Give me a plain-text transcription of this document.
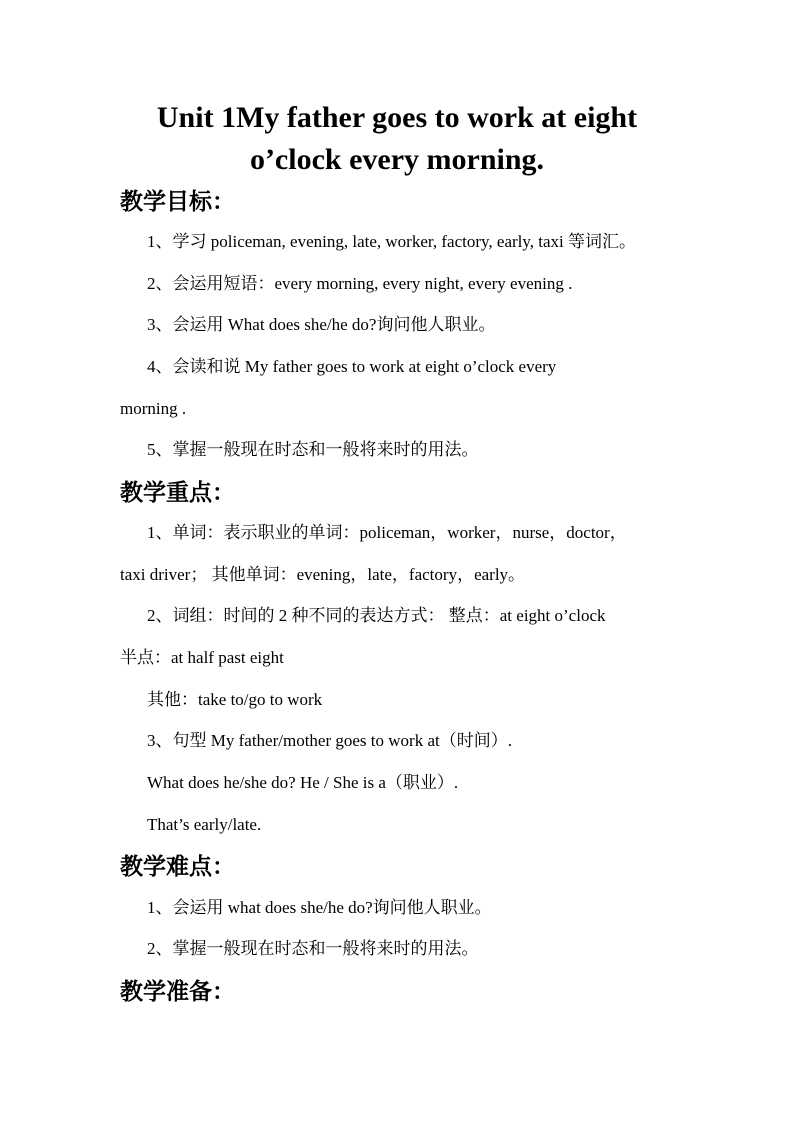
Unit 1My father goes to work at eight
o’clock every morning.
教学目标：
1、学习 policeman, evening, late, worker, factory, early, taxi 等词汇。
2、会运用短语：every morning, every night, every evening .
3、会运用 What does she/he do?询问他人职业。
4、会读和说 My father goes to work at eight o’clock every
morning .
5、掌握一般现在时态和一般将来时的用法。
教学重点：
1、单词：表示职业的单词：policeman，worker，nurse，doctor，
taxi driver； 其他单词：evening，late，factory，early。
2、词组：时间的 2 种不同的表达方式： 整点：at eight o’clock
半点：at half past eight
其他：take to/go to work
3、句型 My father/mother goes to work at（时间）.
What does he/she do? He / She is a（职业）.
That’s early/late.
教学难点：
1、会运用 what does she/he do?询问他人职业。
2、掌握一般现在时态和一般将来时的用法。
教学准备：
